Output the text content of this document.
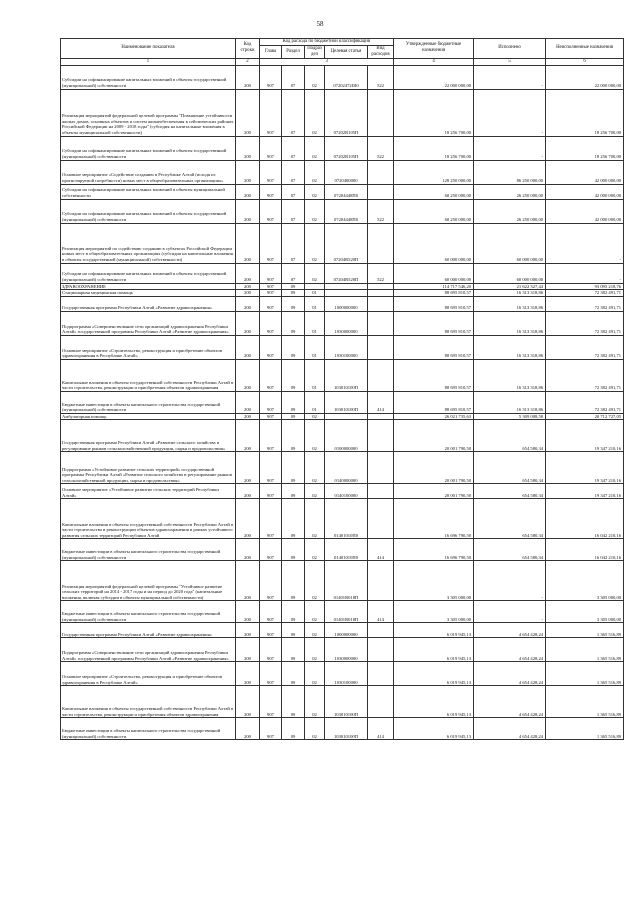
58
Наименование показателя	Код строки	Код расхода по бюджетной классификации					Утвержденные бюджетные назначения	Исполнено	Неисполненные назначения
		Глава	Раздел	Подраз дел	Целевая статья	Вид расходов			
1	2	3					4	5	6
Субсидии на софинансирование капитальных вложений в объекты государственной (муниципальной) собственности	200	907	07	02	07202472Ш0	522	22 000 000,00	-	22 000 000,00
Реализация мероприятий федеральной целевой программы "Повышение устойчивости жилых домов, основных объектов и систем жизнеобеспечения в сейсмических районах Российской Федерации на 2009 - 2018 годы" (субсидия на капитальные вложения в объекты муниципальной собственности)	200	907	07	02	07202R105П		18 256 700,00	-	18 256 700,00
Субсидии на софинансирование капитальных вложений в объекты государственной (муниципальной) собственности	200	907	07	02	07202R105П	522	18 256 700,00	-	18 256 700,00
Основное мероприятие «Содействие созданию в Республике Алтай (исходя из прогнозируемой потребности) новых мест в общеобразовательных организациях»	200	907	07	02	0720400000		128 250 000,00	86 250 000,00	42 000 000,00
Субсидии на софинансирование капитальных вложений в объекты муниципальной собственности	200	907	07	02	07204448П0		68 250 000,00	26 250 000,00	42 000 000,00
Субсидии на софинансирование капитальных вложений в объекты государственной (муниципальной) собственности	200	907	07	02	07204448П0	522	68 250 000,00	26 250 000,00	42 000 000,00
Реализация мероприятий по содействию созданию в субъектах Российской Федерации новых мест в общеобразовательных организациях (субсидия на капитальные вложения в объекты государственной (муниципальной) собственности)	200	907	07	02	07204R520П		60 000 000,00	60 000 000,00	-
Субсидии на софинансирование капитальных вложений в объекты государственной (муниципальной) собственности	200	907	07	02	07204R520П	522	60 000 000,00	60 000 000,00	-
ЗДРАВООХРАНЕНИЕ	200	907	09				114 717 546,20	21 622 327,44	93 095 218,76
Стационарная медицинская помощь	200	907	09	01			88 695 810,57	16 313 318,86	72 382 491,71
Государственная программа Республики Алтай «Развитие здравоохранения»	200	907	09	01	1000000000		88 695 810,57	16 313 318,86	72 382 491,71
Подпрограмма «Совершенствование сети организаций здравоохранения Республики Алтай» государственной программы Республики Алтай «Развитие здравоохранения»	200	907	09	01	1030000000		88 695 810,57	16 313 318,86	72 382 491,71
Основное мероприятие «Строительство, реконструкция и приобретение объектов здравоохранения в Республике Алтай»	200	907	09	01	1030100000		88 695 810,57	16 313 318,86	72 382 491,71
Капитальные вложения в объекты государственной собственности Республики Алтай в части строительства, реконструкции и приобретения объектов здравоохранения	200	907	09	01	103010100П		88 695 810,57	16 313 318,86	72 382 491,71
Бюджетные инвестиции в объекты капитального строительства государственной (муниципальной) собственности	200	907	09	01	103010100П	414	88 695 810,57	16 313 318,86	72 382 491,71
Амбулаторная помощь	200	907	09	02			26 021 735,63	5 309 008,58	20 712 727,05
Государственная программа Республики Алтай «Развитие сельского хозяйства и регулирование рынков сельскохозяйственной продукции, сырья и продовольствия»	200	907	09	02	0100000000		20 001 790,50	654 580,34	19 347 210,16
Подпрограмма «Устойчивое развитие сельских территорий» государственной программы Республики Алтай «Развитие сельского хозяйства и регулирование рынков сельскохозяйственной продукции, сырья и продовольствия»	200	907	09	02	0140000000		20 001 790,50	654 580,34	19 347 210,16
Основное мероприятие «Устойчивое развитие сельских территорий Республики Алтай»	200	907	09	02	0140100000		20 001 790,50	654 580,34	19 347 210,16
Капитальные вложения в объекты государственной собственности Республики Алтай в части строительства и реконструкции объектов здравоохранения в рамках устойчивого развития сельских территорий Республики Алтай	200	907	09	02	01401010П0		16 696 790,50	654 580,34	16 042 210,16
Бюджетные инвестиции в объекты капитального строительства государственной (муниципальной) собственности	200	907	09	02	01401010П0	414	16 696 790,50	654 580,34	16 042 210,16
Реализация мероприятий федеральной целевой программы "Устойчивое развитие сельских территорий на 2014 - 2017 годы и на период до 2020 года" (капитальные вложения, включая субсидии в объекты муниципальной собственности)	200	907	09	02	01401R018П		3 305 000,00	-	3 305 000,00
Бюджетные инвестиции в объекты капитального строительства государственной (муниципальной) собственности	200	907	09	02	01401R018П	414	3 305 000,00	-	3 305 000,00
Государственная программа Республики Алтай «Развитие здравоохранения»	200	907	09	02	1000000000		6 019 945,13	4 654 428,24	1 365 516,89
Подпрограмма «Совершенствование сети организаций здравоохранения Республики Алтай» государственной программы Республики Алтай «Развитие здравоохранения»	200	907	09	02	1030000000		6 019 945,13	4 654 428,24	1 365 516,89
Основное мероприятие «Строительство, реконструкция и приобретение объектов здравоохранения в Республике Алтай»	200	907	09	02	1030100000		6 019 945,13	4 654 428,24	1 365 516,89
Капитальные вложения в объекты государственной собственности Республики Алтай в части строительства, реконструкции и приобретения объектов здравоохранения	200	907	09	02	103010100П		6 019 945,13	4 654 428,24	1 365 516,89
Бюджетные инвестиции в объекты капитального строительства государственной (муниципальной) собственности	200	907	09	02	103010100П	414	6 019 945,13	4 654 428,24	1 365 516,89
